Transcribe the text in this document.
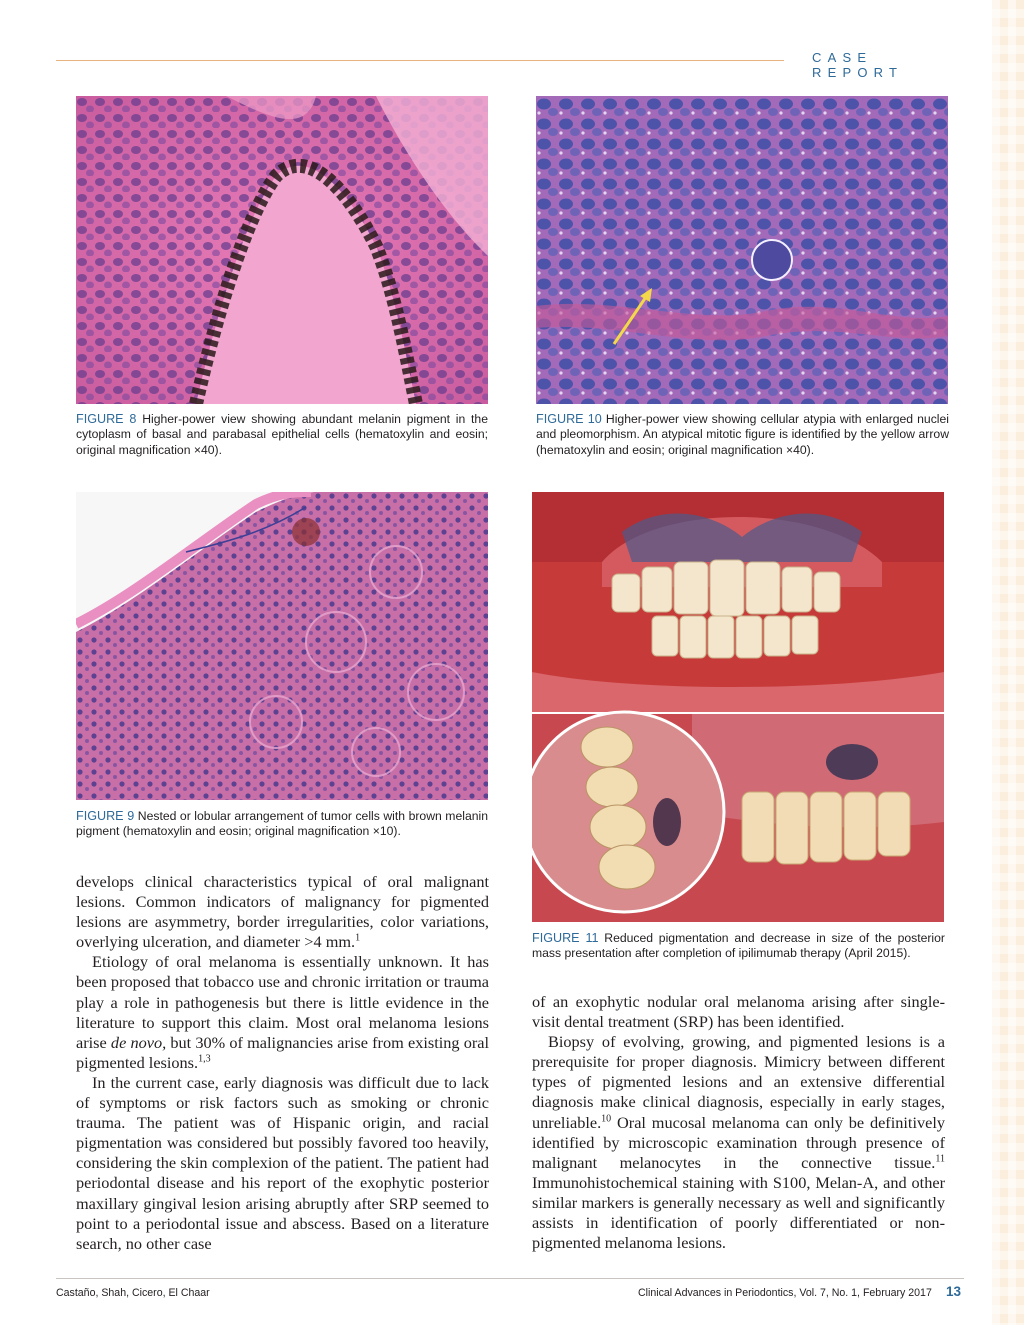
CASE REPORT
FIGURE 8 Higher-power view showing abundant melanin pigment in the cytoplasm of basal and parabasal epithelial cells (hematoxylin and eosin; original magnification ×40).
FIGURE 10 Higher-power view showing cellular atypia with enlarged nuclei and pleomorphism. An atypical mitotic figure is identified by the yellow arrow (hematoxylin and eosin; original magnification ×40).
FIGURE 9 Nested or lobular arrangement of tumor cells with brown melanin pigment (hematoxylin and eosin; original magnification ×10).
FIGURE 11 Reduced pigmentation and decrease in size of the posterior mass presentation after completion of ipilimumab therapy (April 2015).

develops clinical characteristics typical of oral malignant lesions. Common indicators of malignancy for pigmented lesions are asymmetry, border irregularities, color variations, overlying ulceration, and diameter >4 mm.$^1$

Etiology of oral melanoma is essentially unknown. It has been proposed that tobacco use and chronic irritation or trauma play a role in pathogenesis but there is little evidence in the literature to support this claim. Most oral melanoma lesions arise de novo, but 30% of malignancies arise from existing oral pigmented lesions.$^{1,3}$

In the current case, early diagnosis was difficult due to lack of symptoms or risk factors such as smoking or chronic trauma. The patient was of Hispanic origin, and racial pigmentation was considered but possibly favored too heavily, considering the skin complexion of the patient. The patient had periodontal disease and his report of the exophytic posterior maxillary gingival lesion arising abruptly after SRP seemed to point to a periodontal issue and abscess. Based on a literature search, no other case

of an exophytic nodular oral melanoma arising after single-visit dental treatment (SRP) has been identified.

Biopsy of evolving, growing, and pigmented lesions is a prerequisite for proper diagnosis. Mimicry between different types of pigmented lesions and an extensive differential diagnosis make clinical diagnosis, especially in early stages, unreliable.$^{10}$ Oral mucosal melanoma can only be definitively identified by microscopic examination through presence of malignant melanocytes in the connective tissue.$^{11}$ Immunohistochemical staining with S100, Melan-A, and other similar markers is generally necessary as well and significantly assists in identification of poorly differentiated or non-pigmented melanoma lesions.

Castaño, Shah, Cicero, El Chaar	Clinical Advances in Periodontics, Vol. 7, No. 1, February 2017 13
